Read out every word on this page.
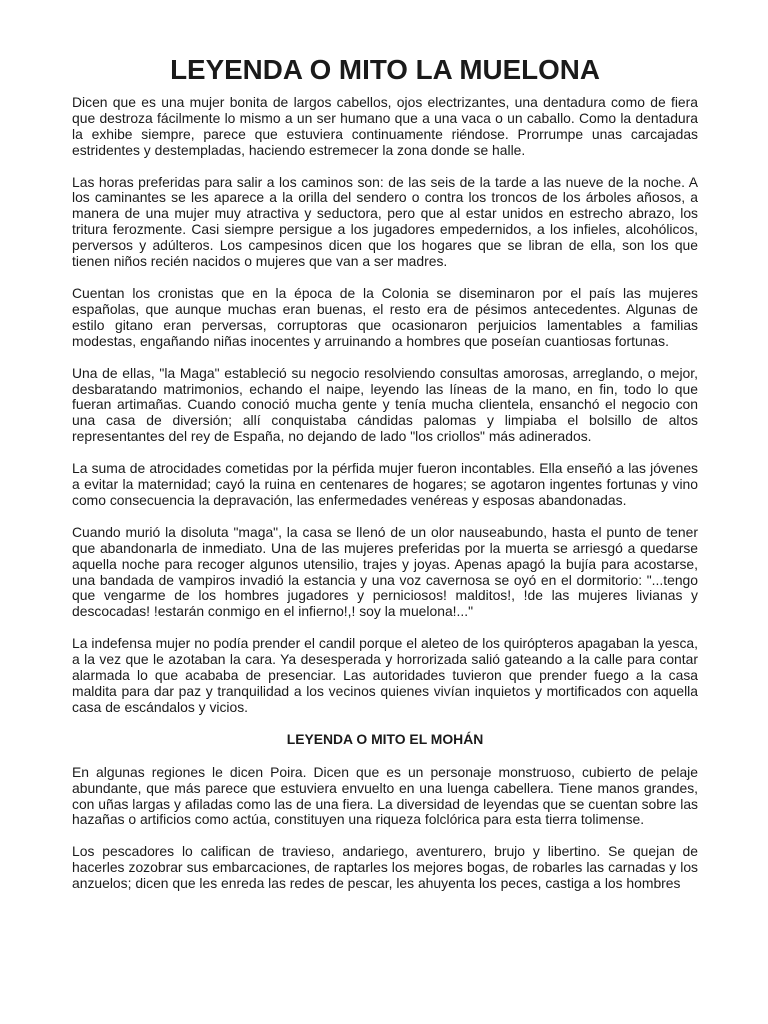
LEYENDA O MITO LA MUELONA

Dicen que es una mujer bonita de largos cabellos, ojos electrizantes, una dentadura como de fiera que destroza fácilmente lo mismo a un ser humano que a una vaca o un caballo. Como la dentadura la exhibe siempre, parece que estuviera continuamente riéndose. Prorrumpe unas carcajadas estridentes y destempladas, haciendo estremecer la zona donde se halle.

Las horas preferidas para salir a los caminos son: de las seis de la tarde a las nueve de la noche. A los caminantes se les aparece a la orilla del sendero o contra los troncos de los árboles añosos, a manera de una mujer muy atractiva y seductora, pero que al estar unidos en estrecho abrazo, los tritura ferozmente. Casi siempre persigue a los jugadores empedernidos, a los infieles, alcohólicos, perversos y adúlteros. Los campesinos dicen que los hogares que se libran de ella, son los que tienen niños recién nacidos o mujeres que van a ser madres.

Cuentan los cronistas que en la época de la Colonia se diseminaron por el país las mujeres españolas, que aunque muchas eran buenas, el resto era de pésimos antecedentes. Algunas de estilo gitano eran perversas, corruptoras que ocasionaron perjuicios lamentables a familias modestas, engañando niñas inocentes y arruinando a hombres que poseían cuantiosas fortunas.

Una de ellas, "la Maga" estableció su negocio resolviendo consultas amorosas, arreglando, o mejor, desbaratando matrimonios, echando el naipe, leyendo las líneas de la mano, en fin, todo lo que fueran artimañas. Cuando conoció mucha gente y tenía mucha clientela, ensanchó el negocio con una casa de diversión; allí conquistaba cándidas palomas y limpiaba el bolsillo de altos representantes del rey de España, no dejando de lado "los criollos" más adinerados.

La suma de atrocidades cometidas por la pérfida mujer fueron incontables. Ella enseñó a las jóvenes a evitar la maternidad; cayó la ruina en centenares de hogares; se agotaron ingentes fortunas y vino como consecuencia la depravación, las enfermedades venéreas y esposas abandonadas.

Cuando murió la disoluta "maga", la casa se llenó de un olor nauseabundo, hasta el punto de tener que abandonarla de inmediato. Una de las mujeres preferidas por la muerta se arriesgó a quedarse aquella noche para recoger algunos utensilio, trajes y joyas. Apenas apagó la bujía para acostarse, una bandada de vampiros invadió la estancia y una voz cavernosa se oyó en el dormitorio: "...tengo que vengarme de los hombres jugadores y perniciosos! malditos!, !de las mujeres livianas y descocadas! !estarán conmigo en el infierno!,! soy la muelona!..."

La indefensa mujer no podía prender el candil porque el aleteo de los quirópteros apagaban la yesca, a la vez que le azotaban la cara. Ya desesperada y horrorizada salió gateando a la calle para contar alarmada lo que acababa de presenciar. Las autoridades tuvieron que prender fuego a la casa maldita para dar paz y tranquilidad a los vecinos quienes vivían inquietos y mortificados con aquella casa de escándalos y vicios.

LEYENDA O MITO EL MOHÁN

En algunas regiones le dicen Poira. Dicen que es un personaje monstruoso, cubierto de pelaje abundante, que más parece que estuviera envuelto en una luenga cabellera. Tiene manos grandes, con uñas largas y afiladas como las de una fiera. La diversidad de leyendas que se cuentan sobre las hazañas o artificios como actúa, constituyen una riqueza folclórica para esta tierra tolimense.

Los pescadores lo califican de travieso, andariego, aventurero, brujo y libertino. Se quejan de hacerles zozobrar sus embarcaciones, de raptarles los mejores bogas, de robarles las carnadas y los anzuelos; dicen que les enreda las redes de pescar, les ahuyenta los peces, castiga a los hombres
